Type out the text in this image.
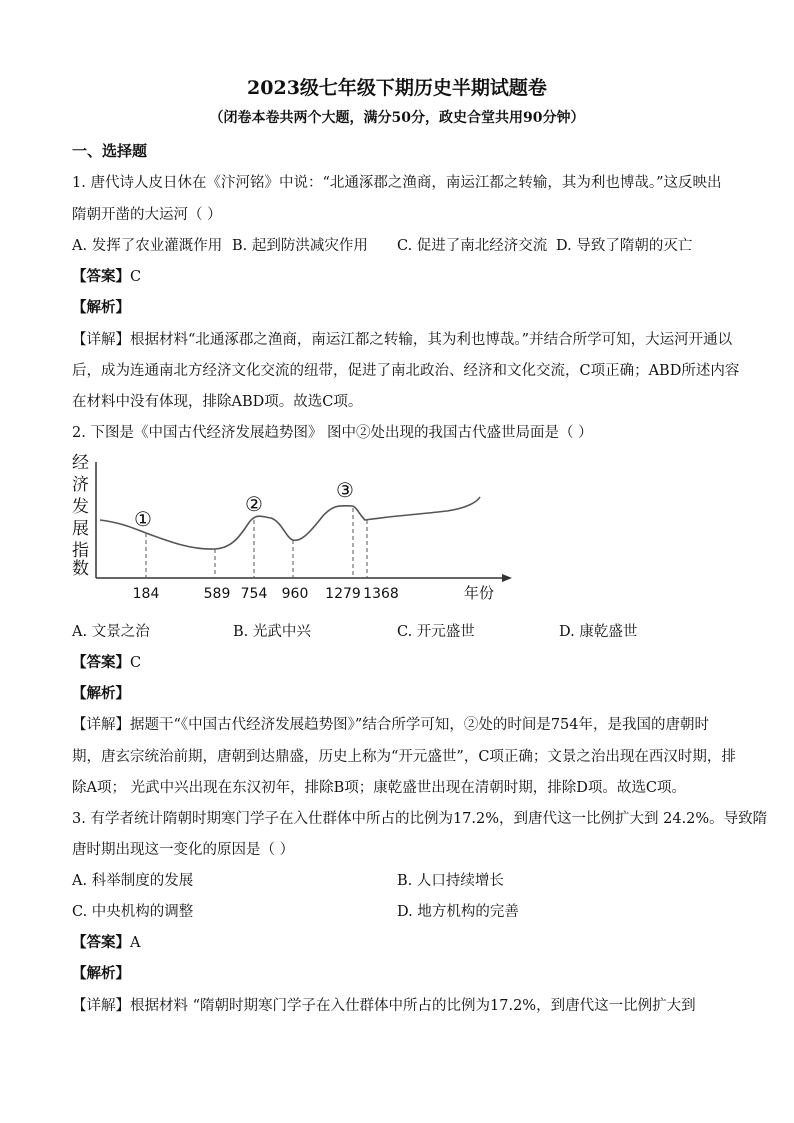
2023级七年级下期历史半期试题卷
（闭卷本卷共两个大题，满分50分，政史合堂共用90分钟）
一、选择题
1. 唐代诗人皮日休在《汴河铭》中说：“北通涿郡之渔商，南运江都之转输，其为利也博哉。”这反映出
隋朝开凿的大运河（ ）
A. 发挥了农业灌溉作用 B. 起到防洪减灾作用 C. 促进了南北经济交流 D. 导致了隋朝的灭亡
【答案】C
【解析】
【详解】根据材料“北通涿郡之渔商，南运江都之转输，其为利也博哉。”并结合所学可知，大运河开通以
后，成为连通南北方经济文化交流的纽带，促进了南北政治、经济和文化交流，C项正确；ABD所述内容
在材料中没有体现，排除ABD项。故选C项。
2. 下图是《中国古代经济发展趋势图》 图中②处出现的我国古代盛世局面是（ ）
经
济
发
展
指
数
①
②
③
184	589 754 960 1279 1368	年份
A. 文景之治	B. 光武中兴	C. 开元盛世	D. 康乾盛世
【答案】C
【解析】
【详解】据题干“《中国古代经济发展趋势图》”结合所学可知，②处的时间是754年，是我国的唐朝时
期，唐玄宗统治前期，唐朝到达鼎盛，历史上称为“开元盛世”，C项正确；文景之治出现在西汉时期，排
除A项； 光武中兴出现在东汉初年，排除B项；康乾盛世出现在清朝时期，排除D项。故选C项。
3. 有学者统计隋朝时期寒门学子在入仕群体中所占的比例为17.2%，到唐代这一比例扩大到 24.2%。导致隋
唐时期出现这一变化的原因是（ ）
A. 科举制度的发展	B. 人口持续增长
C. 中央机构的调整	D. 地方机构的完善
【答案】A
【解析】
【详解】根据材料 “隋朝时期寒门学子在入仕群体中所占的比例为17.2%，到唐代这一比例扩大到
